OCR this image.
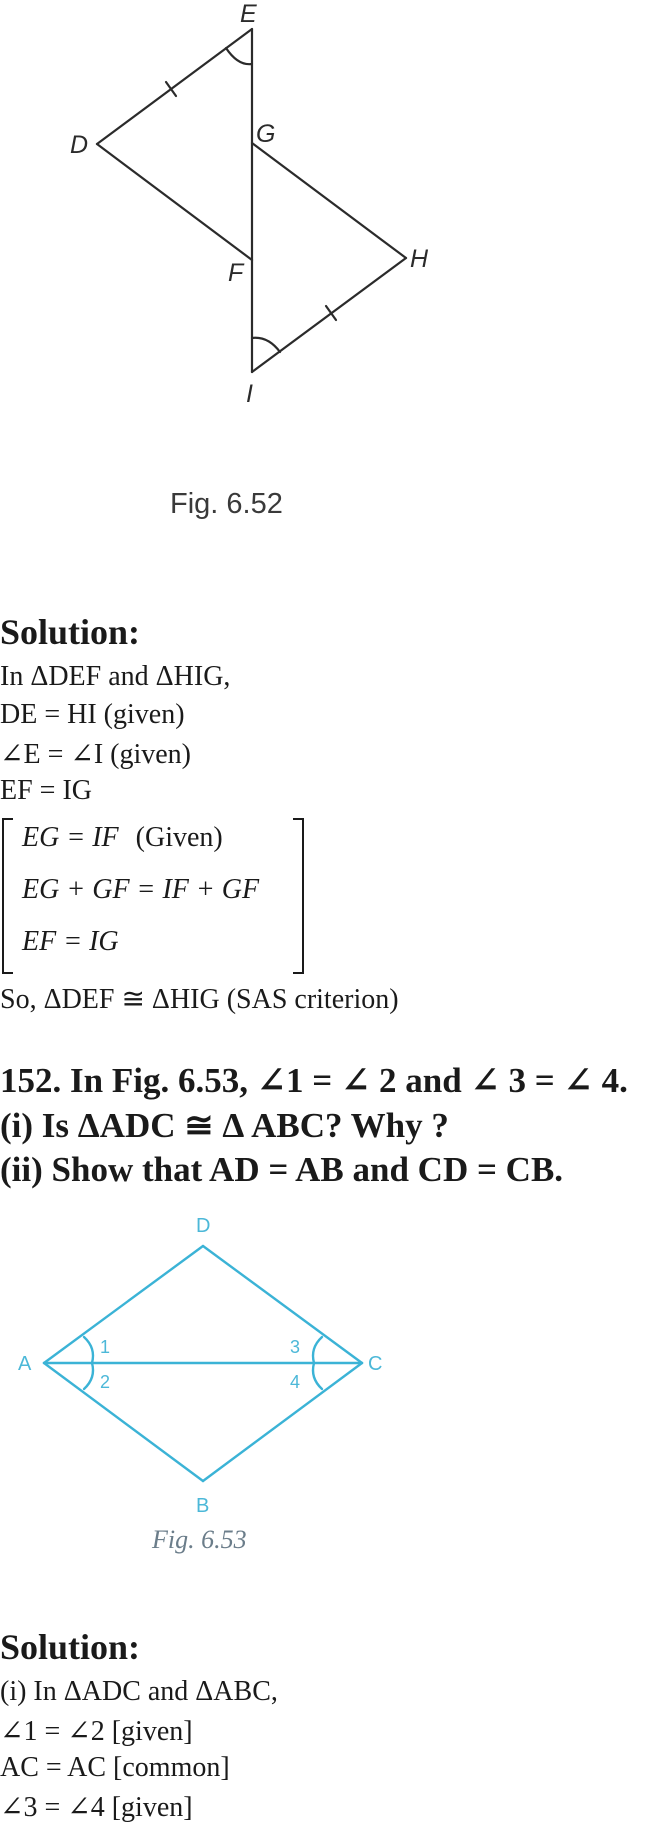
E
D	G
F	H
I
Fig. 6.52
Solution:
In ΔDEF and ΔHIG,
DE = HI (given)
∠E = ∠I (given)
EF = IG
EG = IF (Given)
EG + GF = IF + GF
EF = IG
So, ΔDEF ≅ ΔHIG (SAS criterion)
152. In Fig. 6.53, ∠1 = ∠ 2 and ∠ 3 = ∠ 4.
(i) Is ΔADC ≅ Δ ABC? Why ?
(ii) Show that AD = AB and CD = CB.
D
A	C
B
1
2
3
4
Fig. 6.53
Solution:
(i) In ΔADC and ΔABC,
∠1 = ∠2 [given]
AC = AC [common]
∠3 = ∠4 [given]
